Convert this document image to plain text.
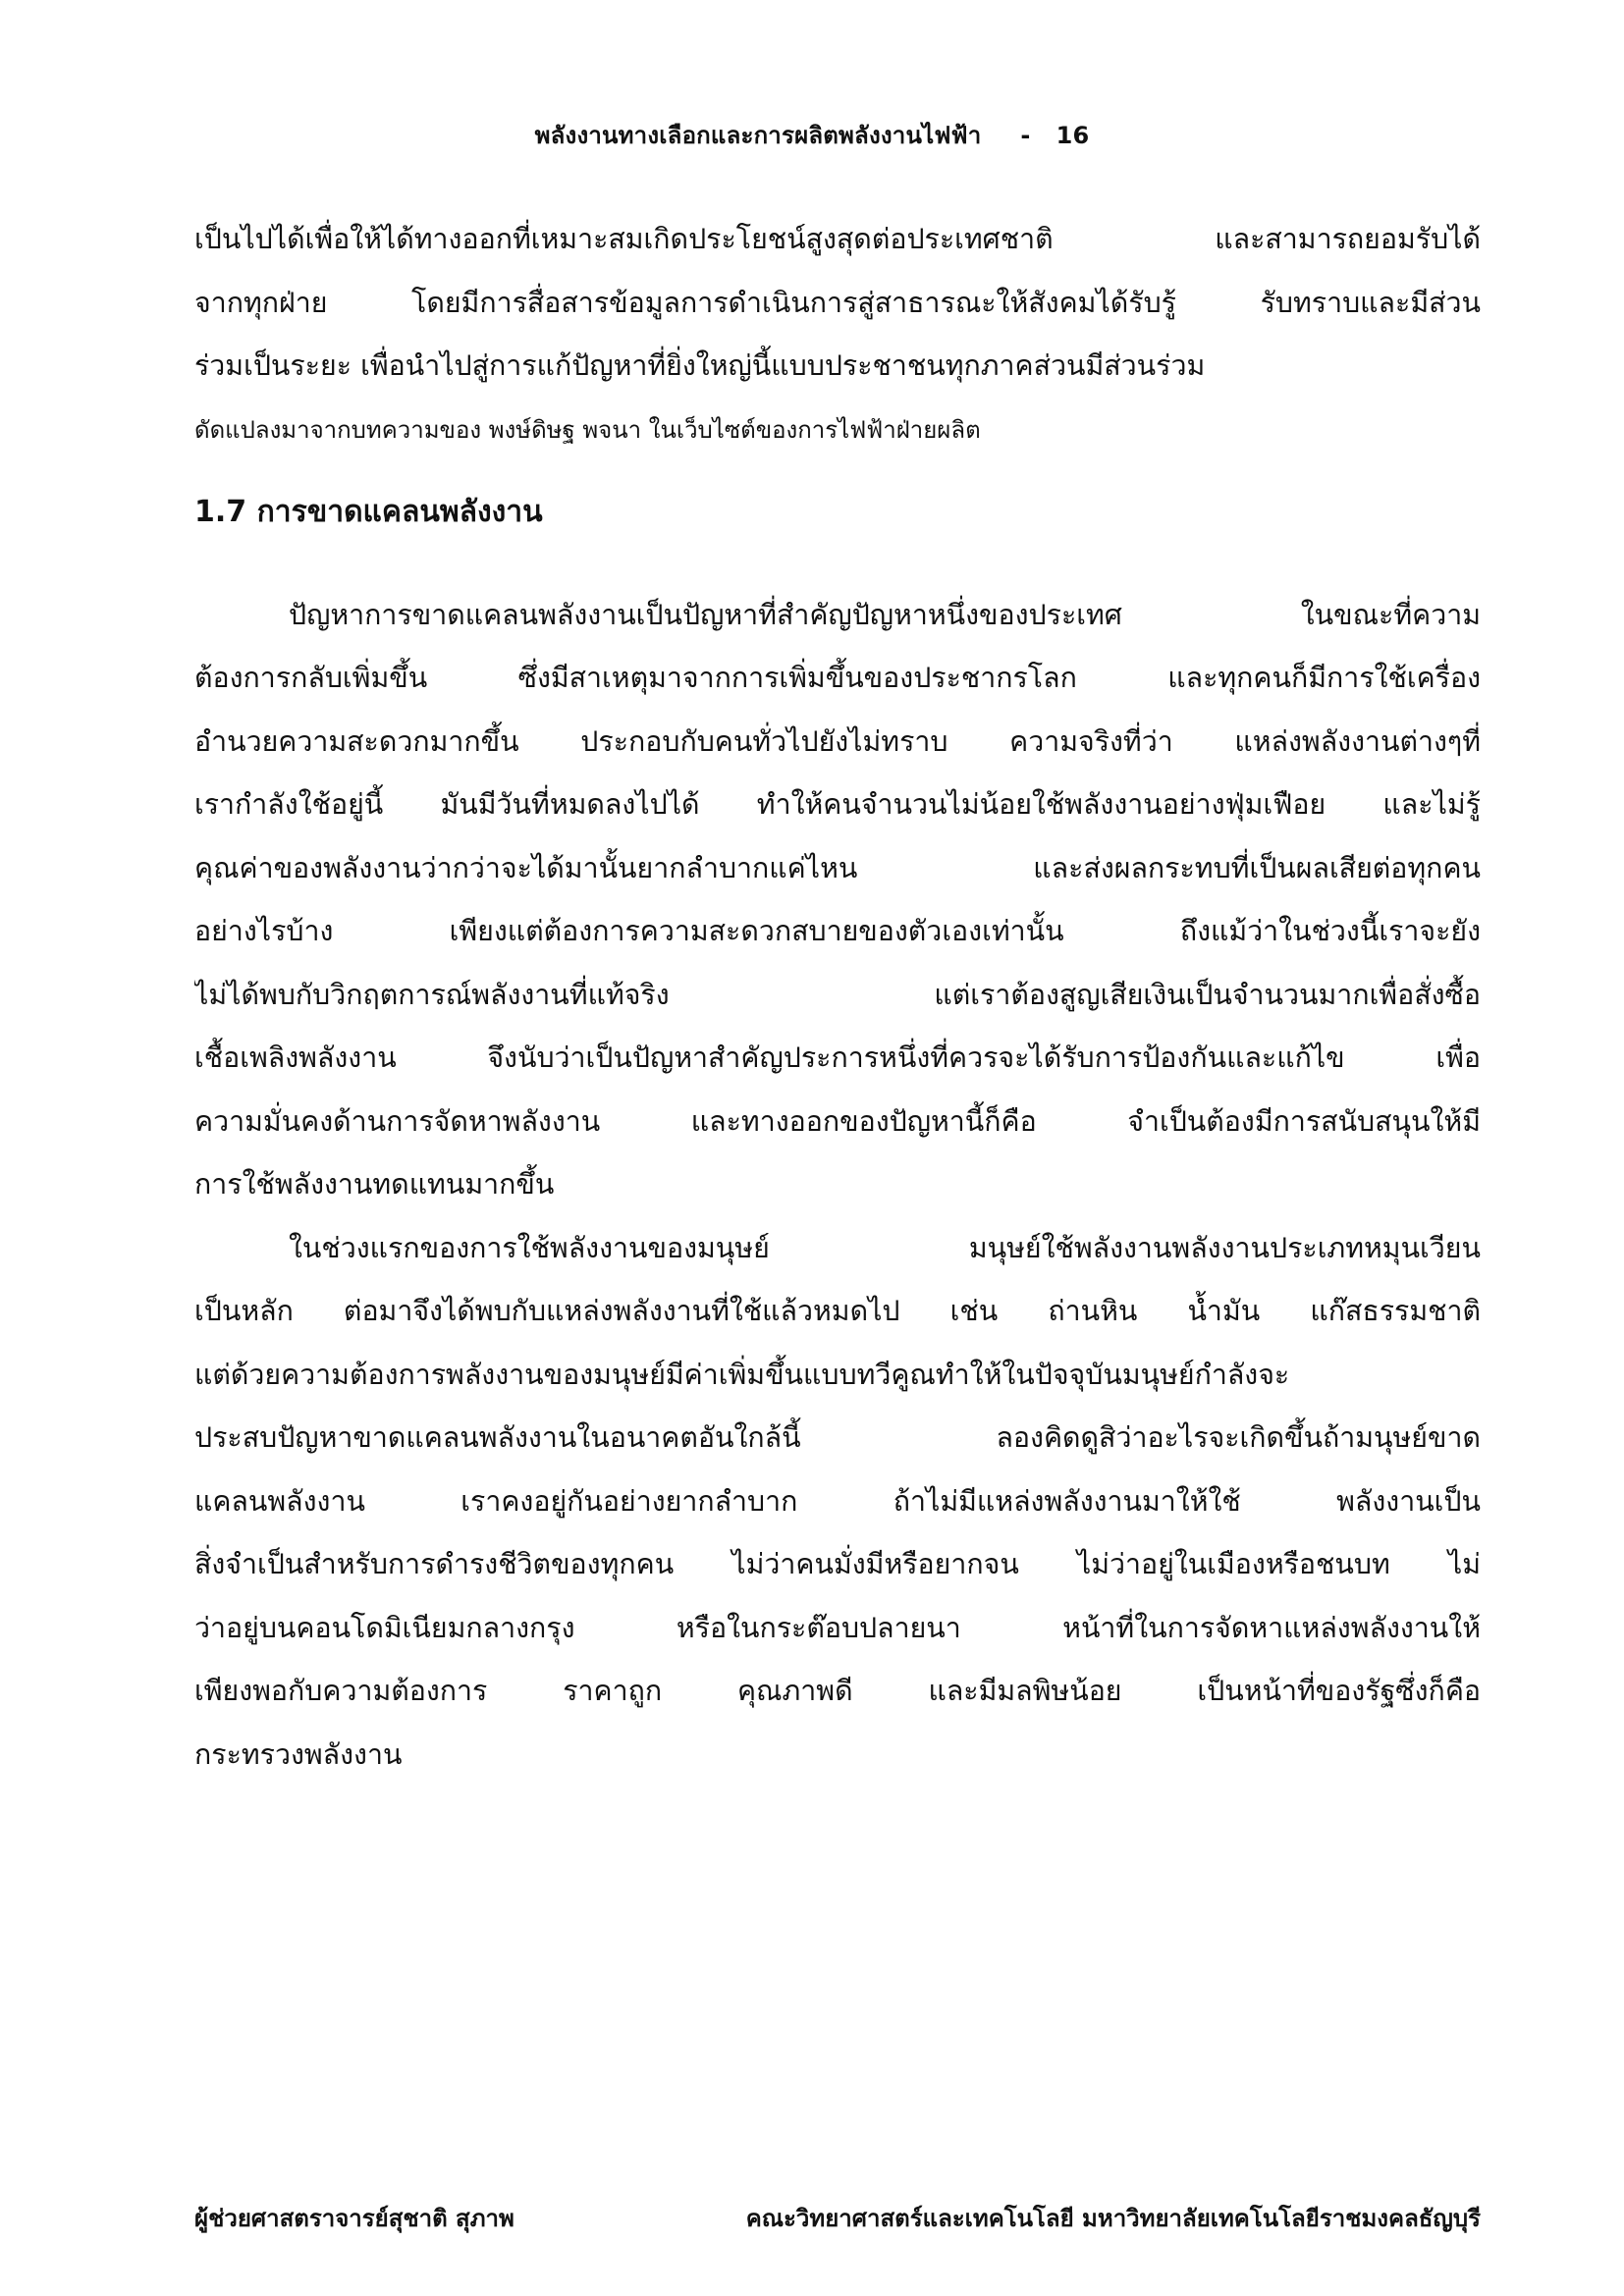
พลังงานทางเลือกและการผลิตพลังงานไฟฟ้า - 16
เป็นไปได้เพื่อให้ได้ทางออกที่เหมาะสมเกิดประโยชน์สูงสุดต่อประเทศชาติ และสามารถยอมรับได้
จากทุกฝ่าย โดยมีการสื่อสารข้อมูลการดำเนินการสู่สาธารณะให้สังคมได้รับรู้ รับทราบและมีส่วน
ร่วมเป็นระยะ เพื่อนำไปสู่การแก้ปัญหาที่ยิ่งใหญ่นี้แบบประชาชนทุกภาคส่วนมีส่วนร่วม
ดัดแปลงมาจากบทความของ พงษ์ดิษฐ พจนา ในเว็บไซต์ของการไฟฟ้าฝ่ายผลิต
1.7 การขาดแคลนพลังงาน
ปัญหาการขาดแคลนพลังงานเป็นปัญหาที่สำคัญปัญหาหนึ่งของประเทศ ในขณะที่ความ
ต้องการกลับเพิ่มขึ้น ซึ่งมีสาเหตุมาจากการเพิ่มขึ้นของประชากรโลก และทุกคนก็มีการใช้เครื่อง
อำนวยความสะดวกมากขึ้น ประกอบกับคนทั่วไปยังไม่ทราบ ความจริงที่ว่า แหล่งพลังงานต่างๆที่
เรากำลังใช้อยู่นี้ มันมีวันที่หมดลงไปได้ ทำให้คนจำนวนไม่น้อยใช้พลังงานอย่างฟุ่มเฟือย และไม่รู้
คุณค่าของพลังงานว่ากว่าจะได้มานั้นยากลำบากแค่ไหน และส่งผลกระทบที่เป็นผลเสียต่อทุกคน
อย่างไรบ้าง เพียงแต่ต้องการความสะดวกสบายของตัวเองเท่านั้น ถึงแม้ว่าในช่วงนี้เราจะยัง
ไม่ได้พบกับวิกฤตการณ์พลังงานที่แท้จริง แต่เราต้องสูญเสียเงินเป็นจำนวนมากเพื่อสั่งซื้อ
เชื้อเพลิงพลังงาน จึงนับว่าเป็นปัญหาสำคัญประการหนึ่งที่ควรจะได้รับการป้องกันและแก้ไข เพื่อ
ความมั่นคงด้านการจัดหาพลังงาน และทางออกของปัญหานี้ก็คือ จำเป็นต้องมีการสนับสนุนให้มี
การใช้พลังงานทดแทนมากขึ้น
ในช่วงแรกของการใช้พลังงานของมนุษย์ มนุษย์ใช้พลังงานพลังงานประเภทหมุนเวียน
เป็นหลัก ต่อมาจึงได้พบกับแหล่งพลังงานที่ใช้แล้วหมดไป เช่น ถ่านหิน น้ำมัน แก๊สธรรมชาติ
แต่ด้วยความต้องการพลังงานของมนุษย์มีค่าเพิ่มขึ้นแบบทวีคูณทำให้ในปัจจุบันมนุษย์กำลังจะ
ประสบปัญหาขาดแคลนพลังงานในอนาคตอันใกล้นี้ ลองคิดดูสิว่าอะไรจะเกิดขึ้นถ้ามนุษย์ขาด
แคลนพลังงาน เราคงอยู่กันอย่างยากลำบาก ถ้าไม่มีแหล่งพลังงานมาให้ใช้ พลังงานเป็น
สิ่งจำเป็นสำหรับการดำรงชีวิตของทุกคน ไม่ว่าคนมั่งมีหรือยากจน ไม่ว่าอยู่ในเมืองหรือชนบท ไม่
ว่าอยู่บนคอนโดมิเนียมกลางกรุง หรือในกระต๊อบปลายนา หน้าที่ในการจัดหาแหล่งพลังงานให้
เพียงพอกับความต้องการ ราคาถูก คุณภาพดี และมีมลพิษน้อย เป็นหน้าที่ของรัฐซึ่งก็คือ
กระทรวงพลังงาน
ผู้ช่วยศาสตราจารย์สุชาติ สุภาพ	คณะวิทยาศาสตร์และเทคโนโลยี มหาวิทยาลัยเทคโนโลยีราชมงคลธัญบุรี
